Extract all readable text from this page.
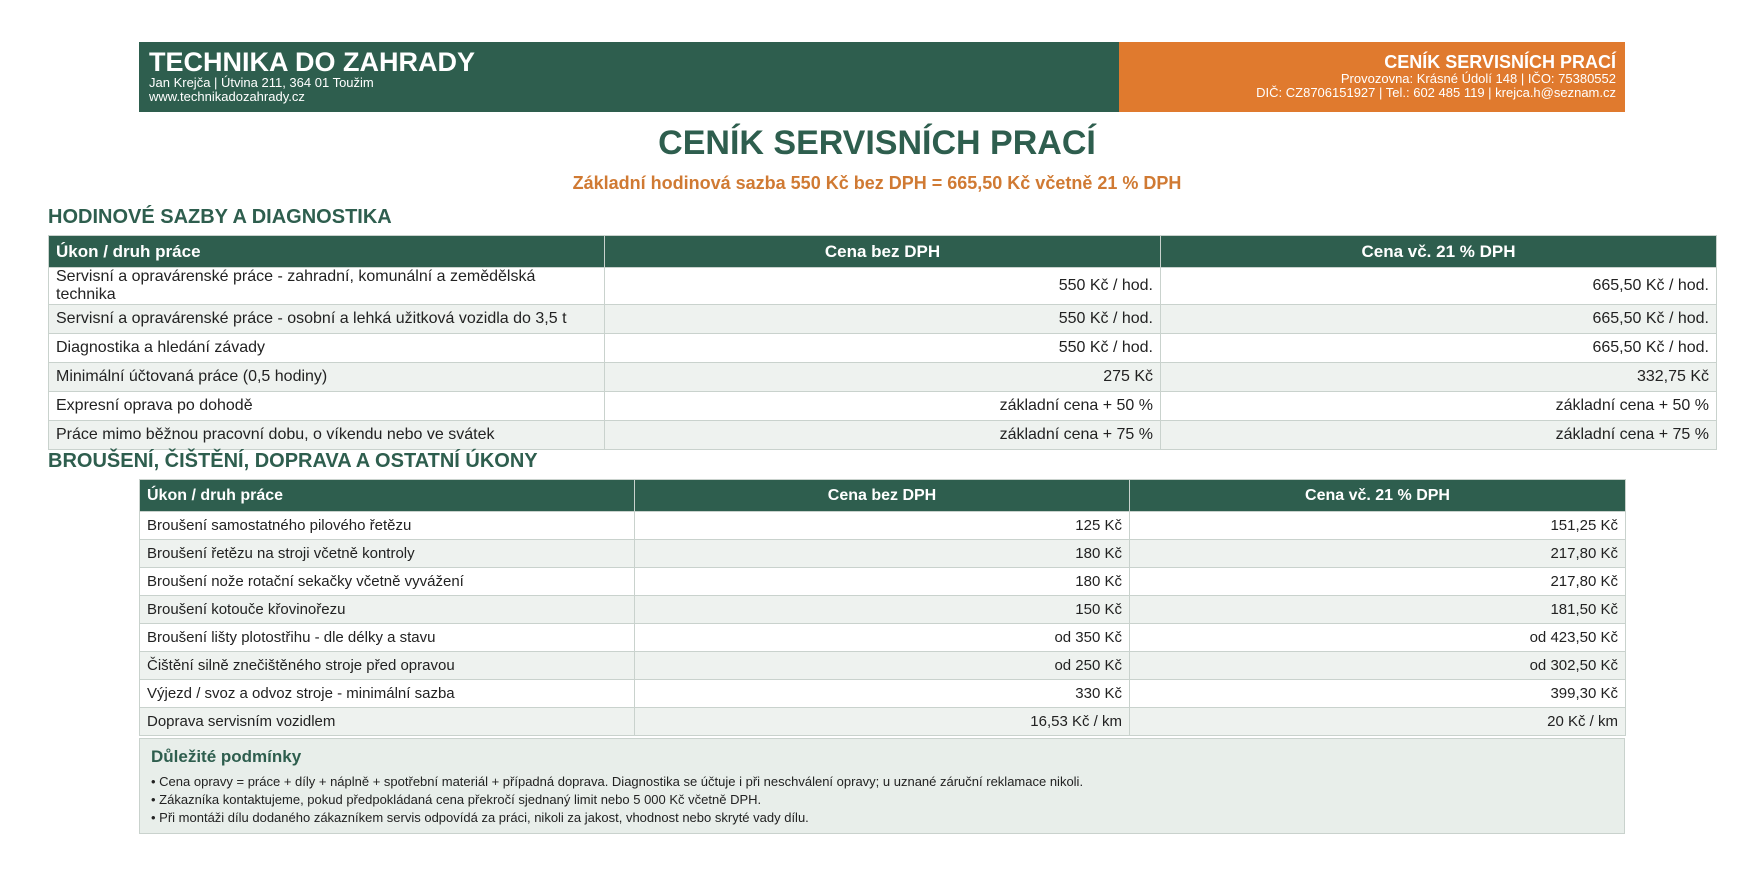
TECHNIKA DO ZAHRADY
Jan Krejča | Útvina 211, 364 01 Toužim
www.technikadozahrady.cz
CENÍK SERVISNÍCH PRACÍ
Provozovna: Krásné Údolí 148 | IČO: 75380552
DIČ: CZ8706151927 | Tel.: 602 485 119 | krejca.h@seznam.cz
CENÍK SERVISNÍCH PRACÍ
Základní hodinová sazba 550 Kč bez DPH = 665,50 Kč včetně 21 % DPH
HODINOVÉ SAZBY A DIAGNOSTIKA
Úkon / druh práce	Cena bez DPH	Cena vč. 21 % DPH
Servisní a opravárenské práce - zahradní, komunální a zemědělská technika	550 Kč / hod.	665,50 Kč / hod.
Servisní a opravárenské práce - osobní a lehká užitková vozidla do 3,5 t	550 Kč / hod.	665,50 Kč / hod.
Diagnostika a hledání závady	550 Kč / hod.	665,50 Kč / hod.
Minimální účtovaná práce (0,5 hodiny)	275 Kč	332,75 Kč
Expresní oprava po dohodě	základní cena + 50 %	základní cena + 50 %
Práce mimo běžnou pracovní dobu, o víkendu nebo ve svátek	základní cena + 75 %	základní cena + 75 %
BROUŠENÍ, ČIŠTĚNÍ, DOPRAVA A OSTATNÍ ÚKONY
Úkon / druh práce	Cena bez DPH	Cena vč. 21 % DPH
Broušení samostatného pilového řetězu	125 Kč	151,25 Kč
Broušení řetězu na stroji včetně kontroly	180 Kč	217,80 Kč
Broušení nože rotační sekačky včetně vyvážení	180 Kč	217,80 Kč
Broušení kotouče křovinořezu	150 Kč	181,50 Kč
Broušení lišty plotostřihu - dle délky a stavu	od 350 Kč	od 423,50 Kč
Čištění silně znečištěného stroje před opravou	od 250 Kč	od 302,50 Kč
Výjezd / svoz a odvoz stroje - minimální sazba	330 Kč	399,30 Kč
Doprava servisním vozidlem	16,53 Kč / km	20 Kč / km
Důležité podmínky
• Cena opravy = práce + díly + náplně + spotřební materiál + případná doprava. Diagnostika se účtuje i při neschválení opravy; u uznané záruční reklamace nikoli.
• Zákazníka kontaktujeme, pokud předpokládaná cena překročí sjednaný limit nebo 5 000 Kč včetně DPH.
• Při montáži dílu dodaného zákazníkem servis odpovídá za práci, nikoli za jakost, vhodnost nebo skryté vady dílu.
